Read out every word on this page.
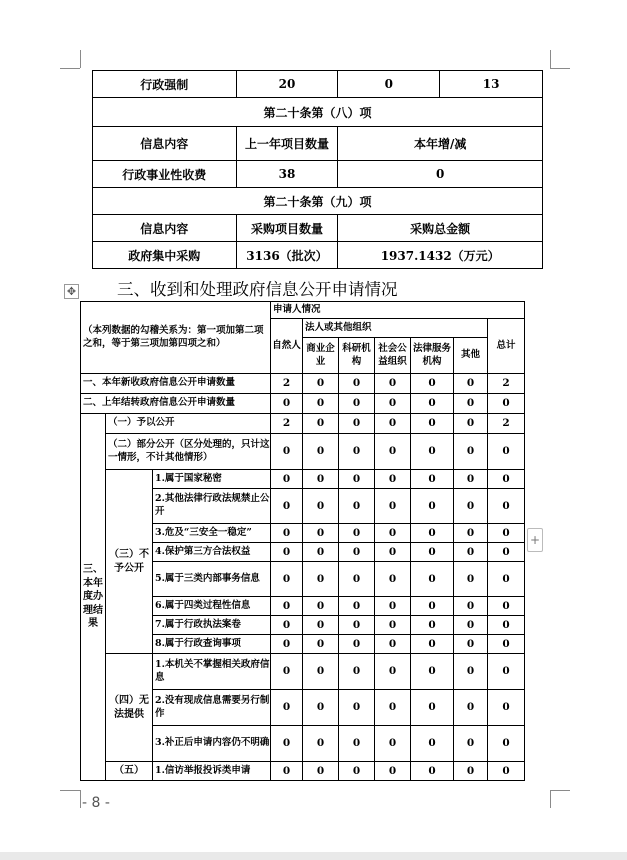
行政强制	20	0	13
第二十条第（八）项			
信息内容	上一年项目数量	本年增/减	
行政事业性收费	38	0	
第二十条第（九）项			
信息内容	采购项目数量	采购总金额	
政府集中采购	3136（批次）	1937.1432（万元）	
✥ 三、收到和处理政府信息公开申请情况
（本列数据的勾稽关系为：第一项加第二项之和，等于第三项加第四项之和）			申请人情况						
			自然人	法人或其他组织					总计
				商业企业	科研机构	社会公益组织	法律服务机构	其他	
一、本年新收政府信息公开申请数量			2	0	0	0	0	0	2
二、上年结转政府信息公开申请数量			0	0	0	0	0	0	0
三、本年度办理结果	（一）予以公开		2	0	0	0	0	0	2
	（二）部分公开（区分处理的，只计这一情形，不计其他情形）		0	0	0	0	0	0	0
	（三）不予公开	1.属于国家秘密	0	0	0	0	0	0	0
		2.其他法律行政法规禁止公开	0	0	0	0	0	0	0
		3.危及“三安全一稳定”	0	0	0	0	0	0	0
		4.保护第三方合法权益	0	0	0	0	0	0	0
		5.属于三类内部事务信息	0	0	0	0	0	0	0
		6.属于四类过程性信息	0	0	0	0	0	0	0
		7.属于行政执法案卷	0	0	0	0	0	0	0
		8.属于行政查询事项	0	0	0	0	0	0	0
	（四）无法提供	1.本机关不掌握相关政府信息	0	0	0	0	0	0	0
		2.没有现成信息需要另行制作	0	0	0	0	0	0	0
		3.补正后申请内容仍不明确	0	0	0	0	0	0	0
	（五）	1.信访举报投诉类申请	0	0	0	0	0	0	0
+
- 8 -
